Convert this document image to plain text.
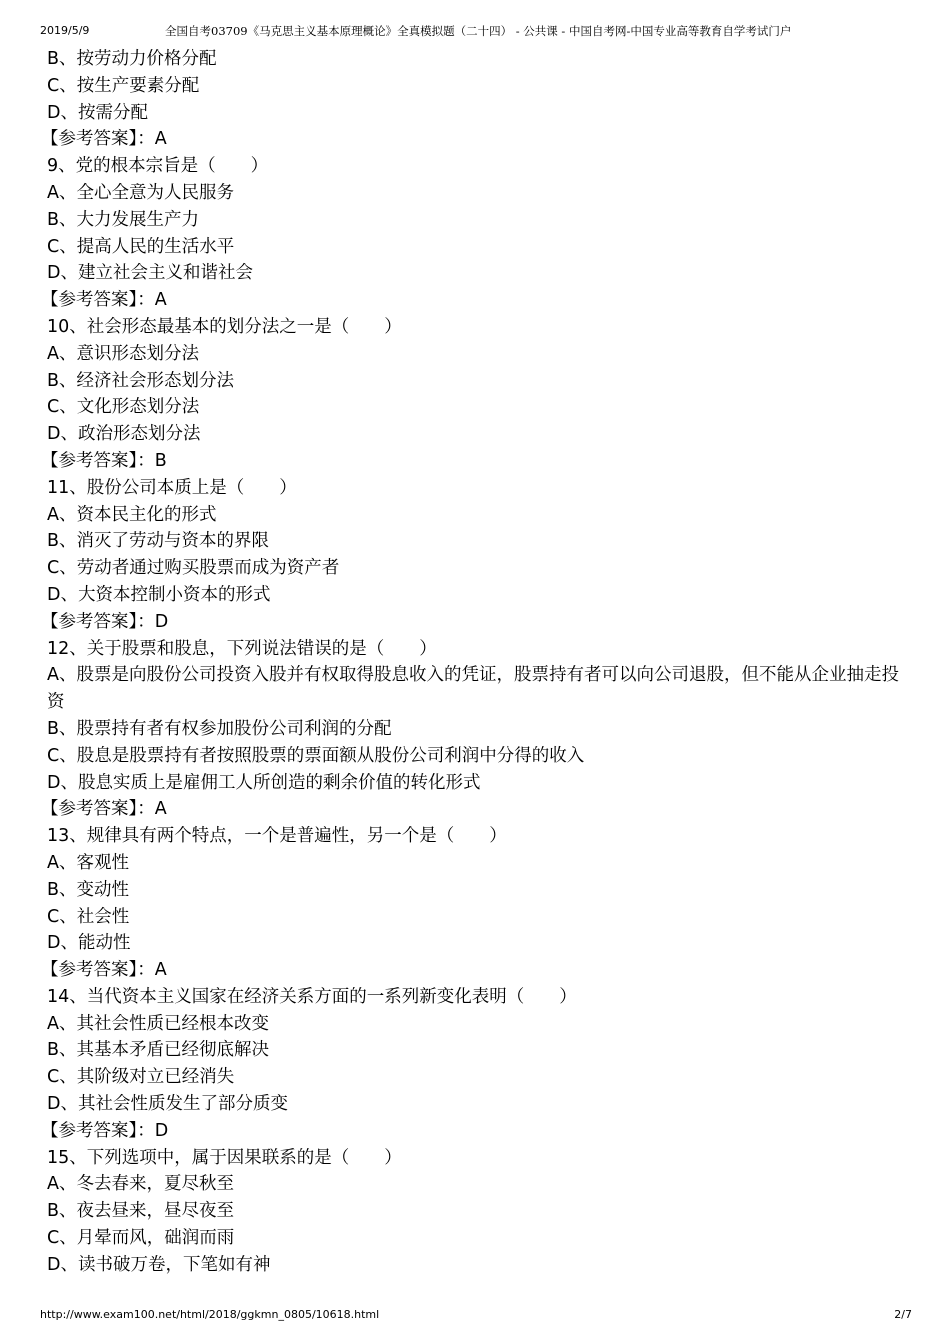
2019/5/9	全国自考03709《马克思主义基本原理概论》全真模拟题（二十四） - 公共课 - 中国自考网-中国专业高等教育自学考试门户

B、按劳动力价格分配

C、按生产要素分配

D、按需分配

【参考答案】：A

9、党的根本宗旨是（　　）

A、全心全意为人民服务

B、大力发展生产力

C、提高人民的生活水平

D、建立社会主义和谐社会

【参考答案】：A

10、社会形态最基本的划分法之一是（　　）

A、意识形态划分法

B、经济社会形态划分法

C、文化形态划分法

D、政治形态划分法

【参考答案】：B

11、股份公司本质上是（　　）

A、资本民主化的形式

B、消灭了劳动与资本的界限

C、劳动者通过购买股票而成为资产者

D、大资本控制小资本的形式

【参考答案】：D

12、关于股票和股息，下列说法错误的是（　　）

A、股票是向股份公司投资入股并有权取得股息收入的凭证，股票持有者可以向公司退股，但不能从企业抽走投资

B、股票持有者有权参加股份公司利润的分配

C、股息是股票持有者按照股票的票面额从股份公司利润中分得的收入

D、股息实质上是雇佣工人所创造的剩余价值的转化形式

【参考答案】：A

13、规律具有两个特点，一个是普遍性，另一个是（　　）

A、客观性

B、变动性

C、社会性

D、能动性

【参考答案】：A

14、当代资本主义国家在经济关系方面的一系列新变化表明（　　）

A、其社会性质已经根本改变

B、其基本矛盾已经彻底解决

C、其阶级对立已经消失

D、其社会性质发生了部分质变

【参考答案】：D

15、下列选项中，属于因果联系的是（　　）

A、冬去春来，夏尽秋至

B、夜去昼来，昼尽夜至

C、月晕而风，础润而雨

D、读书破万卷，下笔如有神

http://www.exam100.net/html/2018/ggkmn_0805/10618.html	2/7
